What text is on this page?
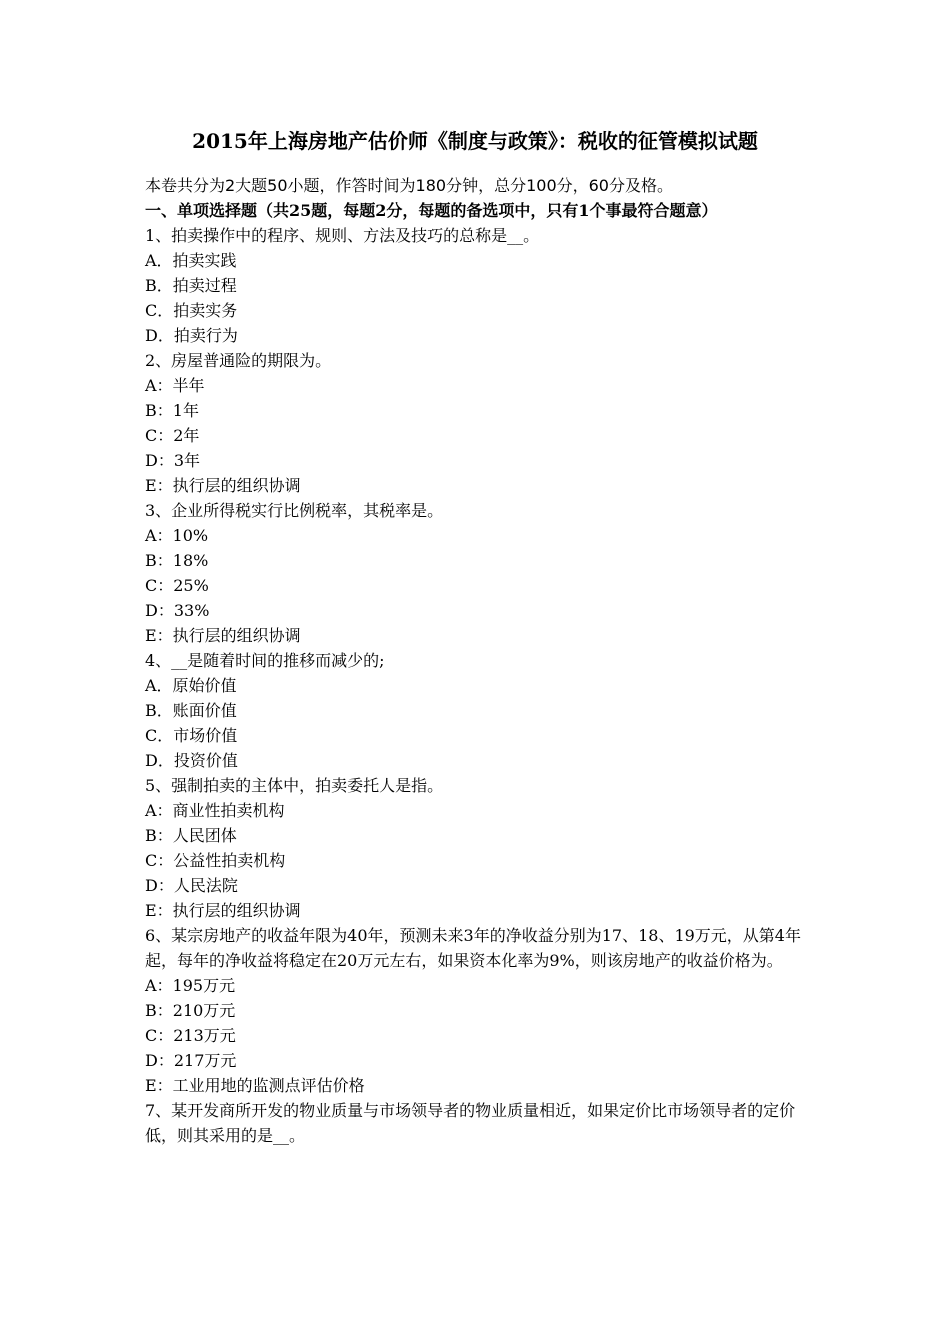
2015年上海房地产估价师《制度与政策》：税收的征管模拟试题
本卷共分为2大题50小题，作答时间为180分钟，总分100分，60分及格。
一、单项选择题（共25题，每题2分，每题的备选项中，只有1个事最符合题意）
1、拍卖操作中的程序、规则、方法及技巧的总称是__。
A．拍卖实践
B．拍卖过程
C．拍卖实务
D．拍卖行为
2、房屋普通险的期限为。
A：半年
B：1年
C：2年
D：3年
E：执行层的组织协调
3、企业所得税实行比例税率，其税率是。
A：10%
B：18%
C：25%
D：33%
E：执行层的组织协调
4、__是随着时间的推移而减少的;
A．原始价值
B．账面价值
C．市场价值
D．投资价值
5、强制拍卖的主体中，拍卖委托人是指。
A：商业性拍卖机构
B：人民团体
C：公益性拍卖机构
D：人民法院
E：执行层的组织协调
6、某宗房地产的收益年限为40年，预测未来3年的净收益分别为17、18、19万元，从第4年起，每年的净收益将稳定在20万元左右，如果资本化率为9%，则该房地产的收益价格为。
A：195万元
B：210万元
C：213万元
D：217万元
E：工业用地的监测点评估价格
7、某开发商所开发的物业质量与市场领导者的物业质量相近，如果定价比市场领导者的定价低，则其采用的是__。
